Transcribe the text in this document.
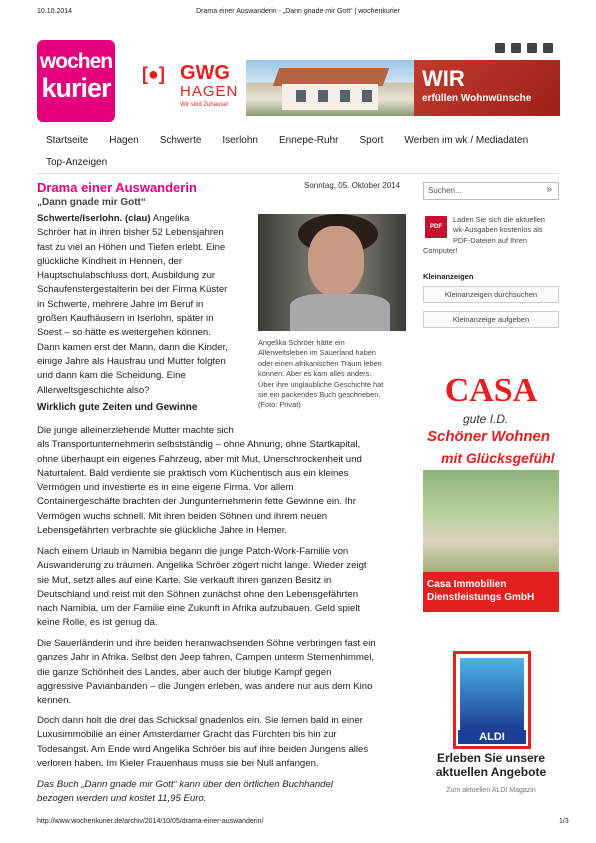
10.10.2014	Drama einer Auswanderin - „Dann gnade mir Gott“ | wochenkurier
wochen
kurier [●] GWG
HAGEN
Wir sind Zuhause!
WIR
erfüllen Wohnwünsche
Startseite Hagen Schwerte Iserlohn Ennepe-Ruhr Sport Werben im wk / Mediadaten
Top-Anzeigen
Drama einer Auswanderin
„Dann gnade mir Gott“
Sonntag, 05. Oktober 2014
Schwerte/Iserlohn. (clau) Angelika
Schröer hat in ihren bisher 52 Lebensjahren
fast zu viel an Höhen und Tiefen erlebt. Eine
glückliche Kindheit in Hennen, der
Hauptschulabschluss dort, Ausbildung zur
Schaufenstergestalterin bei der Firma Küster
in Schwerte, mehrere Jahre im Beruf in
großen Kaufhäusern in Iserlohn, später in
Soest – so hätte es weitergehen können.
Dann kamen erst der Mann, dann die Kinder,
einige Jahre als Hausfrau und Mutter folgten
und dann kam die Scheidung. Eine
Allerweltsgeschichte also?
Angelika Schröer hätte ein
Allerweltsleben im Sauerland haben
oder einen afrikanischen Traum leben
können. Aber es kam alles anders.
Über ihre unglaubliche Geschichte hat
sie ein packendes Buch geschrieben.
(Foto: Privat)
Wirklich gute Zeiten und Gewinne
Die junge alleinerziehende Mutter machte sich
als Transportunternehmerin selbstständig – ohne Ahnung, ohne Startkapital,
ohne überhaupt ein eigenes Fahrzeug, aber mit Mut, Unerschrockenheit und
Naturtalent. Bald verdiente sie praktisch vom Küchentisch aus ein kleines
Vermögen und investierte es in eine eigene Firma. Vor allem
Containergeschäfte brachten der Jungunternehmerin fette Gewinne ein. Ihr
Vermögen wuchs schnell. Mit ihren beiden Söhnen und ihrem neuen
Lebensgefährten verbrachte sie glückliche Jahre in Hemer.
Nach einem Urlaub in Namibia begann die junge Patch-Work-Familie von
Auswanderung zu träumen. Angelika Schröer zögert nicht lange. Wieder zeigt
sie Mut, setzt alles auf eine Karte. Sie verkauft ihren ganzen Besitz in
Deutschland und reist mit den Söhnen zunächst ohne den Lebensgefährten
nach Namibia, um der Familie eine Zukunft in Afrika aufzubauen. Geld spielt
keine Rolle, es ist genug da.
Die Sauerländerin und ihre beiden heranwachsenden Söhne verbringen fast ein
ganzes Jahr in Afrika. Selbst den Jeep fahren, Campen unterm Sternenhimmel,
die ganze Schönheit des Landes, aber auch der blutige Kampf gegen
aggressive Pavianbanden – die Jungen erleben, was andere nur aus dem Kino
kennen.
Doch dann holt die drei das Schicksal gnadenlos ein. Sie lernen bald in einer
Luxusimmobilie an einer Amsterdamer Gracht das Fürchten bis hin zur
Todesangst. Am Ende wird Angelika Schröer bis auf ihre beiden Jungens alles
verloren haben. Im Kieler Frauenhaus muss sie bei Null anfangen.
Das Buch „Dann gnade mir Gott“ kann über den örtlichen Buchhandel
bezogen werden und kostet 11,95 Euro.
Suchen...	»
PDF
Laden Sie sich die aktuellen
wk-Ausgaben kostenlos als
PDF-Dateien auf Ihren
Computer!
Kleinanzeigen
Kleinanzeigen durchsuchen
Kleinanzeige aufgeben
CASA
gute I.D.
Schöner Wohnen
mit Glücksgefühl
Casa Immobilien
Dienstleistungs GmbH
ALDI
Erleben Sie unsere
aktuellen Angebote
Zum aktuellen ALDI Magazin
http://www.wochenkurier.de/archiv/2014/10/05/drama-einer-auswanderin/	1/3
